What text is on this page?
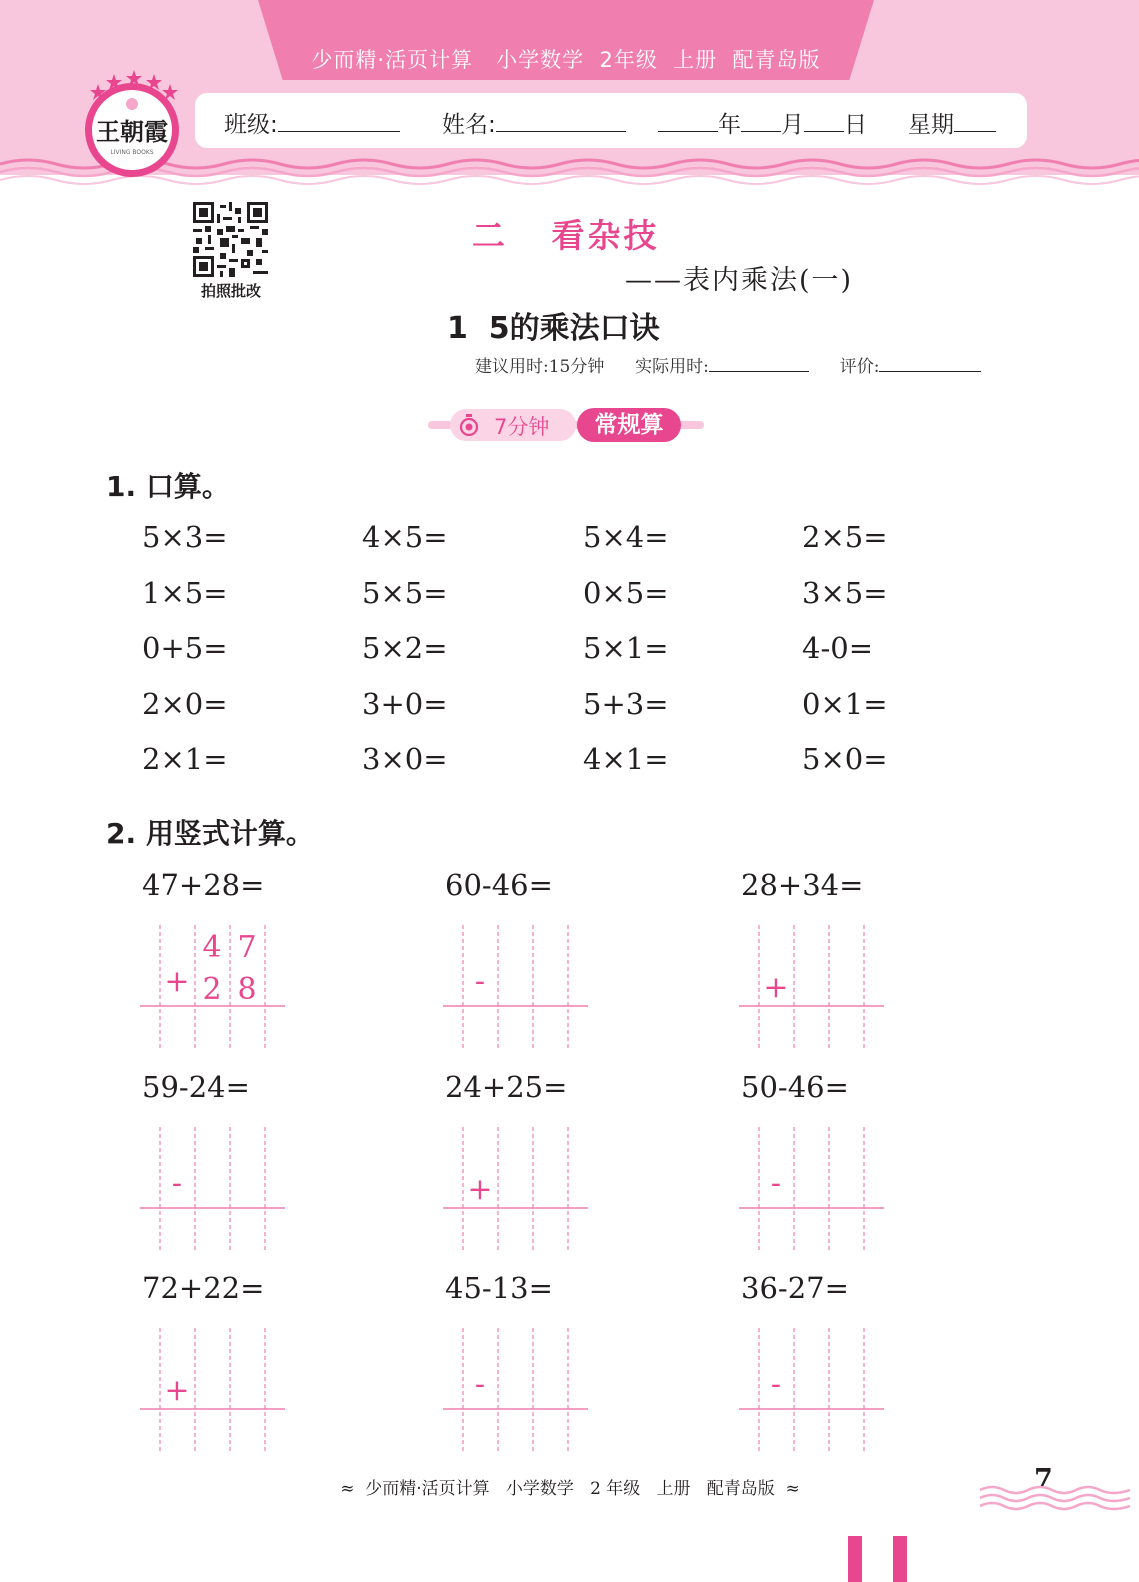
少而精·活页计算   小学数学  2年级  上册  配青岛版
班级:	姓名:	年 月 日 星期
王朝霞
LIVING BOOKS
拍照批改
二   看杂技
——表内乘法(一)
1  5的乘法口诀
建议用时:15分钟 实际用时:	评价:
7分钟	常规算
1. 口算。
5×3=	4×5=	5×4=	2×5=
1×5=	5×5=	0×5=	3×5=
0+5=	5×2=	5×1=	4-0=
2×0=	3+0=	5+3=	0×1=
2×1=	3×0=	4×1=	5×0=
2. 用竖式计算。
47+28=
+
4 7
2 8
60-46=
-
28+34=
+
59-24=
-
24+25=
+
50-46=
-
72+22=
+
45-13=
-
36-27=
-
≈  少而精·活页计算   小学数学   2 年级   上册   配青岛版  ≈	7
